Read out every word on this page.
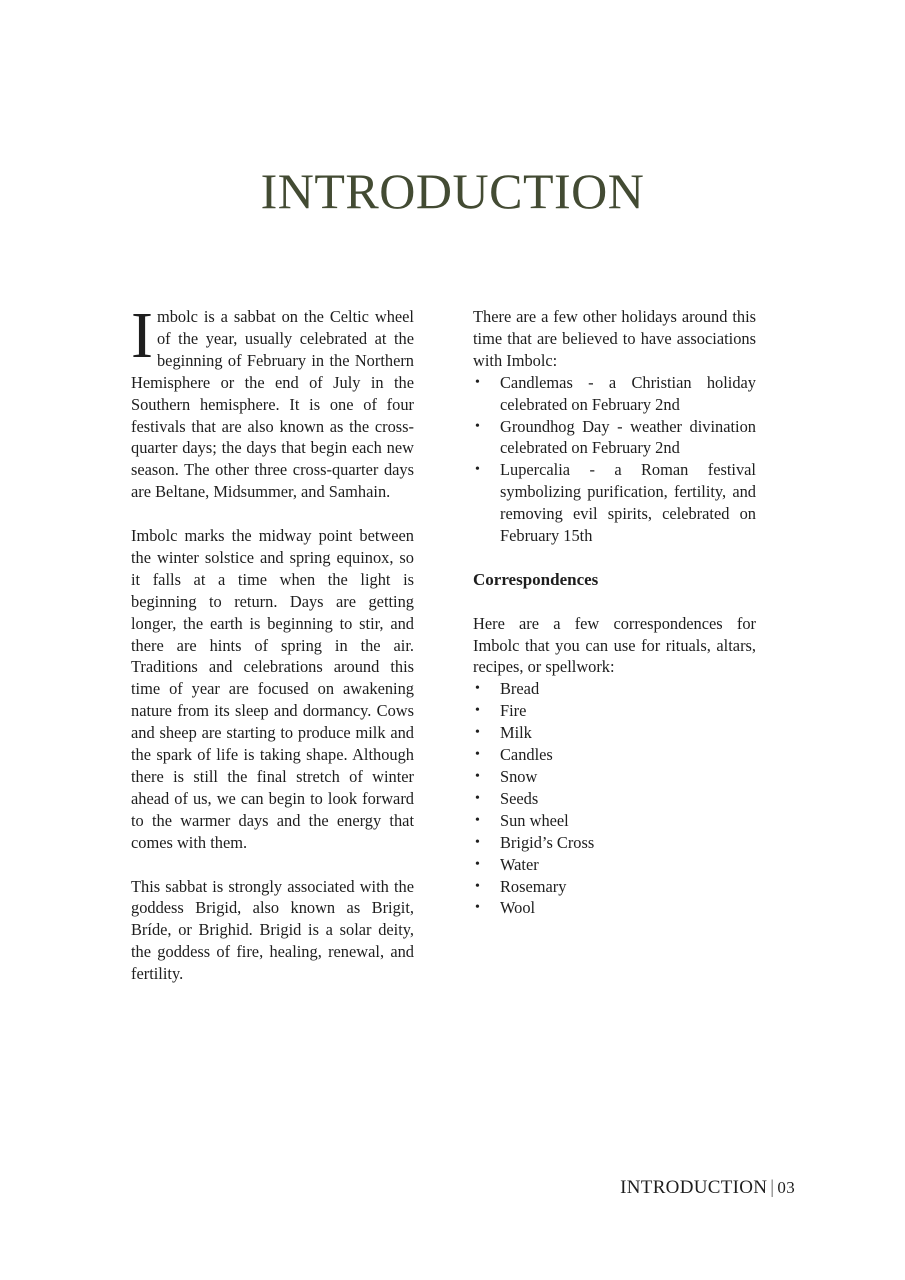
INTRODUCTION

Imbolc is a sabbat on the Celtic wheel of the year, usually celebrated at the beginning of February in the Northern Hemisphere or the end of July in the Southern hemisphere. It is one of four festivals that are also known as the cross-quarter days; the days that begin each new season. The other three cross-quarter days are Beltane, Midsummer, and Samhain.

Imbolc marks the midway point between the winter solstice and spring equinox, so it falls at a time when the light is beginning to return. Days are getting longer, the earth is beginning to stir, and there are hints of spring in the air. Traditions and celebrations around this time of year are focused on awakening nature from its sleep and dormancy. Cows and sheep are starting to produce milk and the spark of life is taking shape. Although there is still the final stretch of winter ahead of us, we can begin to look forward to the warmer days and the energy that comes with them.

This sabbat is strongly associated with the goddess Brigid, also known as Brigit, Bríde, or Brighid. Brigid is a solar deity, the goddess of fire, healing, renewal, and fertility.

There are a few other holidays around this time that are believed to have associations with Imbolc:

• Candlemas - a Christian holiday celebrated on February 2nd
• Groundhog Day - weather divination celebrated on February 2nd
• Lupercalia - a Roman festival symbolizing purification, fertility, and removing evil spirits, celebrated on February 15th
Correspondences

Here are a few correspondences for Imbolc that you can use for rituals, altars, recipes, or spellwork:

• Bread
• Fire
• Milk
• Candles
• Snow
• Seeds
• Sun wheel
• Brigid’s Cross
• Water
• Rosemary
• Wool
INTRODUCTION | 03
